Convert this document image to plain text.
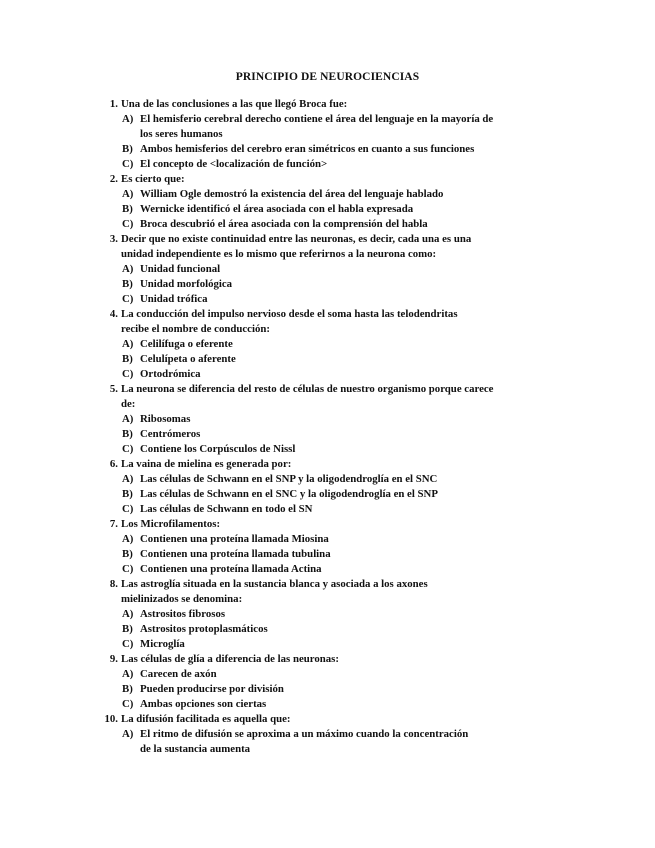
PRINCIPIO DE NEUROCIENCIAS
1. Una de las conclusiones a las que llegó Broca fue:
A) El hemisferio cerebral derecho contiene el área del lenguaje en la mayoría de
los seres humanos
B) Ambos hemisferios del cerebro eran simétricos en cuanto a sus funciones
C) El concepto de <localización de función>
2. Es cierto que:
A) William Ogle demostró la existencia del área del lenguaje hablado
B) Wernicke identificó el área asociada con el habla expresada
C) Broca descubrió el área asociada con la comprensión del habla
3. Decir que no existe continuidad entre las neuronas, es decir, cada una es una
unidad independiente es lo mismo que referirnos a la neurona como:
A) Unidad funcional
B) Unidad morfológica
C) Unidad trófica
4. La conducción del impulso nervioso desde el soma hasta las telodendritas
recibe el nombre de conducción:
A) Celilífuga o eferente
B) Celulípeta o aferente
C) Ortodrómica
5. La neurona se diferencia del resto de células de nuestro organismo porque carece
de:
A) Ribosomas
B) Centrómeros
C) Contiene los Corpúsculos de Nissl
6. La vaina de mielina es generada por:
A) Las células de Schwann en el SNP y la oligodendroglía en el SNC
B) Las células de Schwann en el SNC y la oligodendroglía en el SNP
C) Las células de Schwann en todo el SN
7. Los Microfilamentos:
A) Contienen una proteína llamada Miosina
B) Contienen una proteína llamada tubulina
C) Contienen una proteína llamada Actina
8. Las astroglía situada en la sustancia blanca y asociada a los axones
mielinizados se denomina:
A) Astrositos fibrosos
B) Astrositos protoplasmáticos
C) Microglía
9. Las células de glía a diferencia de las neuronas:
A) Carecen de axón
B) Pueden producirse por división
C) Ambas opciones son ciertas
10. La difusión facilitada es aquella que:
A) El ritmo de difusión se aproxima a un máximo cuando la concentración
de la sustancia aumenta
